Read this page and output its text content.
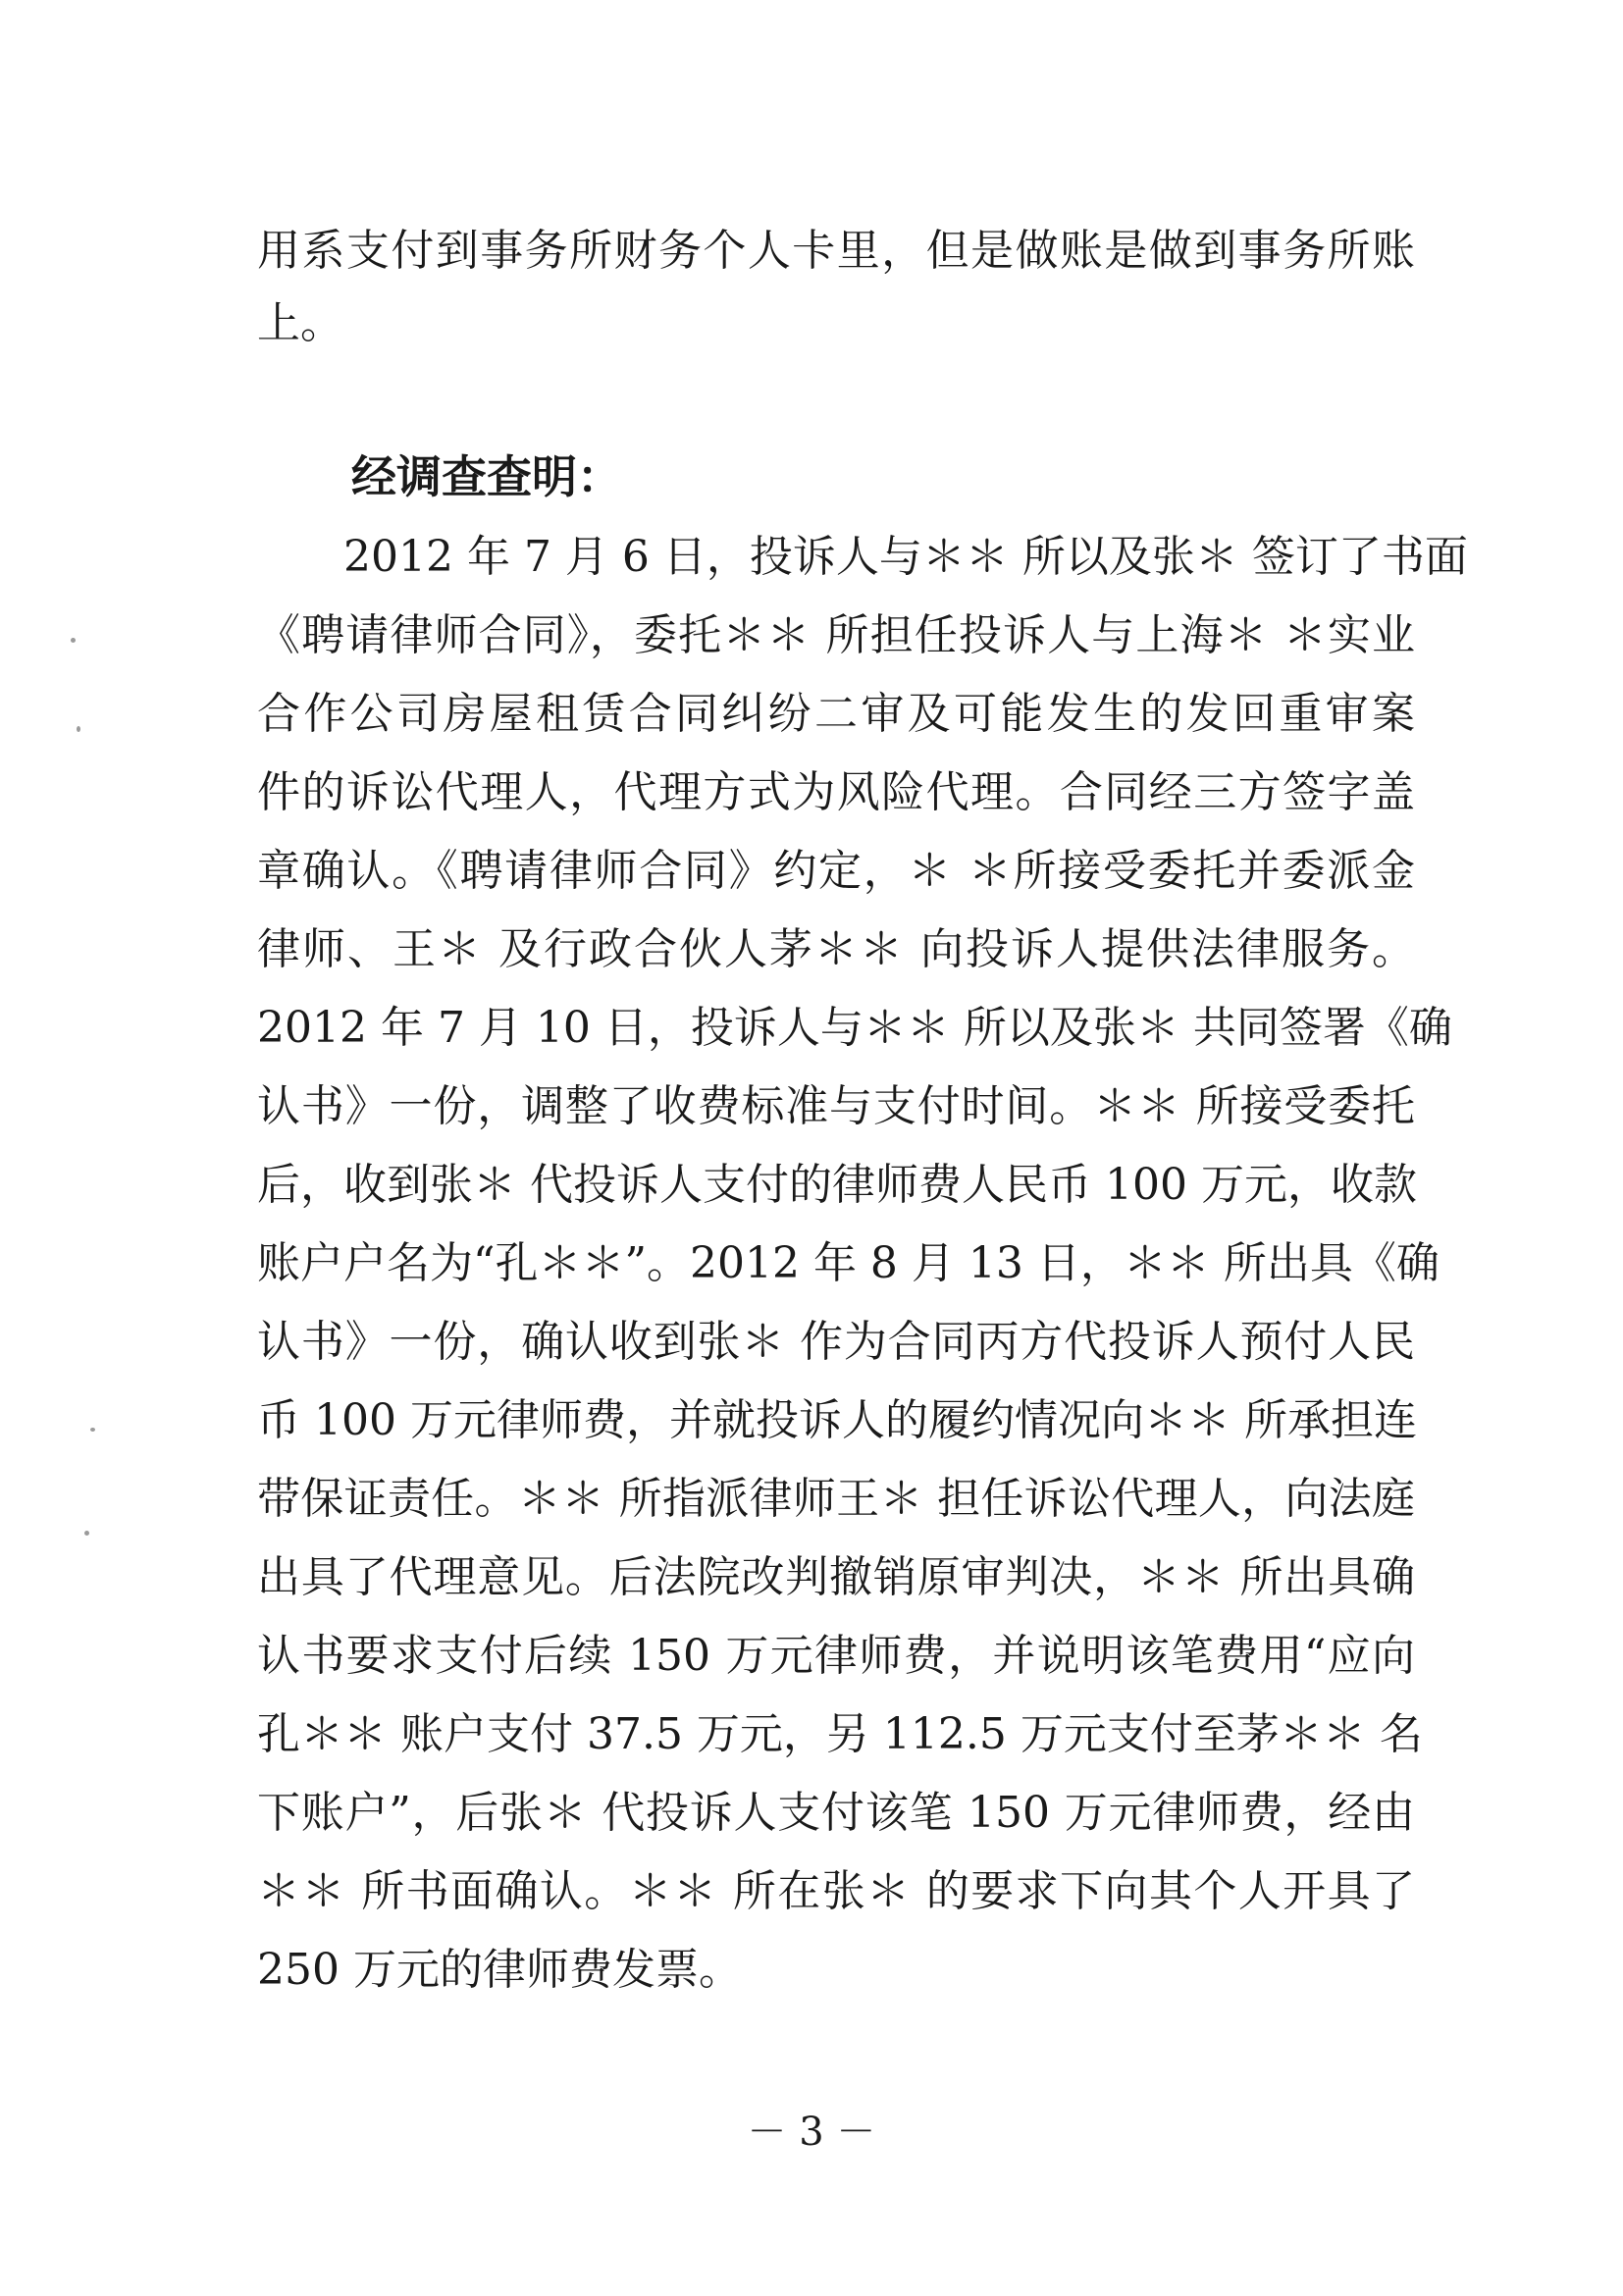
用系支付到事务所财务个人卡里，但是做账是做到事务所账
上。
经调查查明：
　　2012 年 7 月 6 日，投诉人与＊＊ 所以及张＊ 签订了书面
《聘请律师合同》，委托＊＊ 所担任投诉人与上海＊ ＊实业
合作公司房屋租赁合同纠纷二审及可能发生的发回重审案
件的诉讼代理人，代理方式为风险代理。合同经三方签字盖
章确认。《聘请律师合同》约定，＊ ＊所接受委托并委派金
律师、王＊ 及行政合伙人茅＊＊ 向投诉人提供法律服务。
2012 年 7 月 10 日，投诉人与＊＊ 所以及张＊ 共同签署《确
认书》一份，调整了收费标准与支付时间。＊＊ 所接受委托
后，收到张＊ 代投诉人支付的律师费人民币 100 万元，收款
账户户名为“孔＊＊”。2012 年 8 月 13 日，＊＊ 所出具《确
认书》一份，确认收到张＊ 作为合同丙方代投诉人预付人民
币 100 万元律师费，并就投诉人的履约情况向＊＊ 所承担连
带保证责任。＊＊ 所指派律师王＊ 担任诉讼代理人，向法庭
出具了代理意见。后法院改判撤销原审判决，＊＊ 所出具确
认书要求支付后续 150 万元律师费，并说明该笔费用“应向
孔＊＊ 账户支付 37.5 万元，另 112.5 万元支付至茅＊＊ 名
下账户”，后张＊ 代投诉人支付该笔 150 万元律师费，经由
＊＊ 所书面确认。＊＊ 所在张＊ 的要求下向其个人开具了
250 万元的律师费发票。
－ 3 －
